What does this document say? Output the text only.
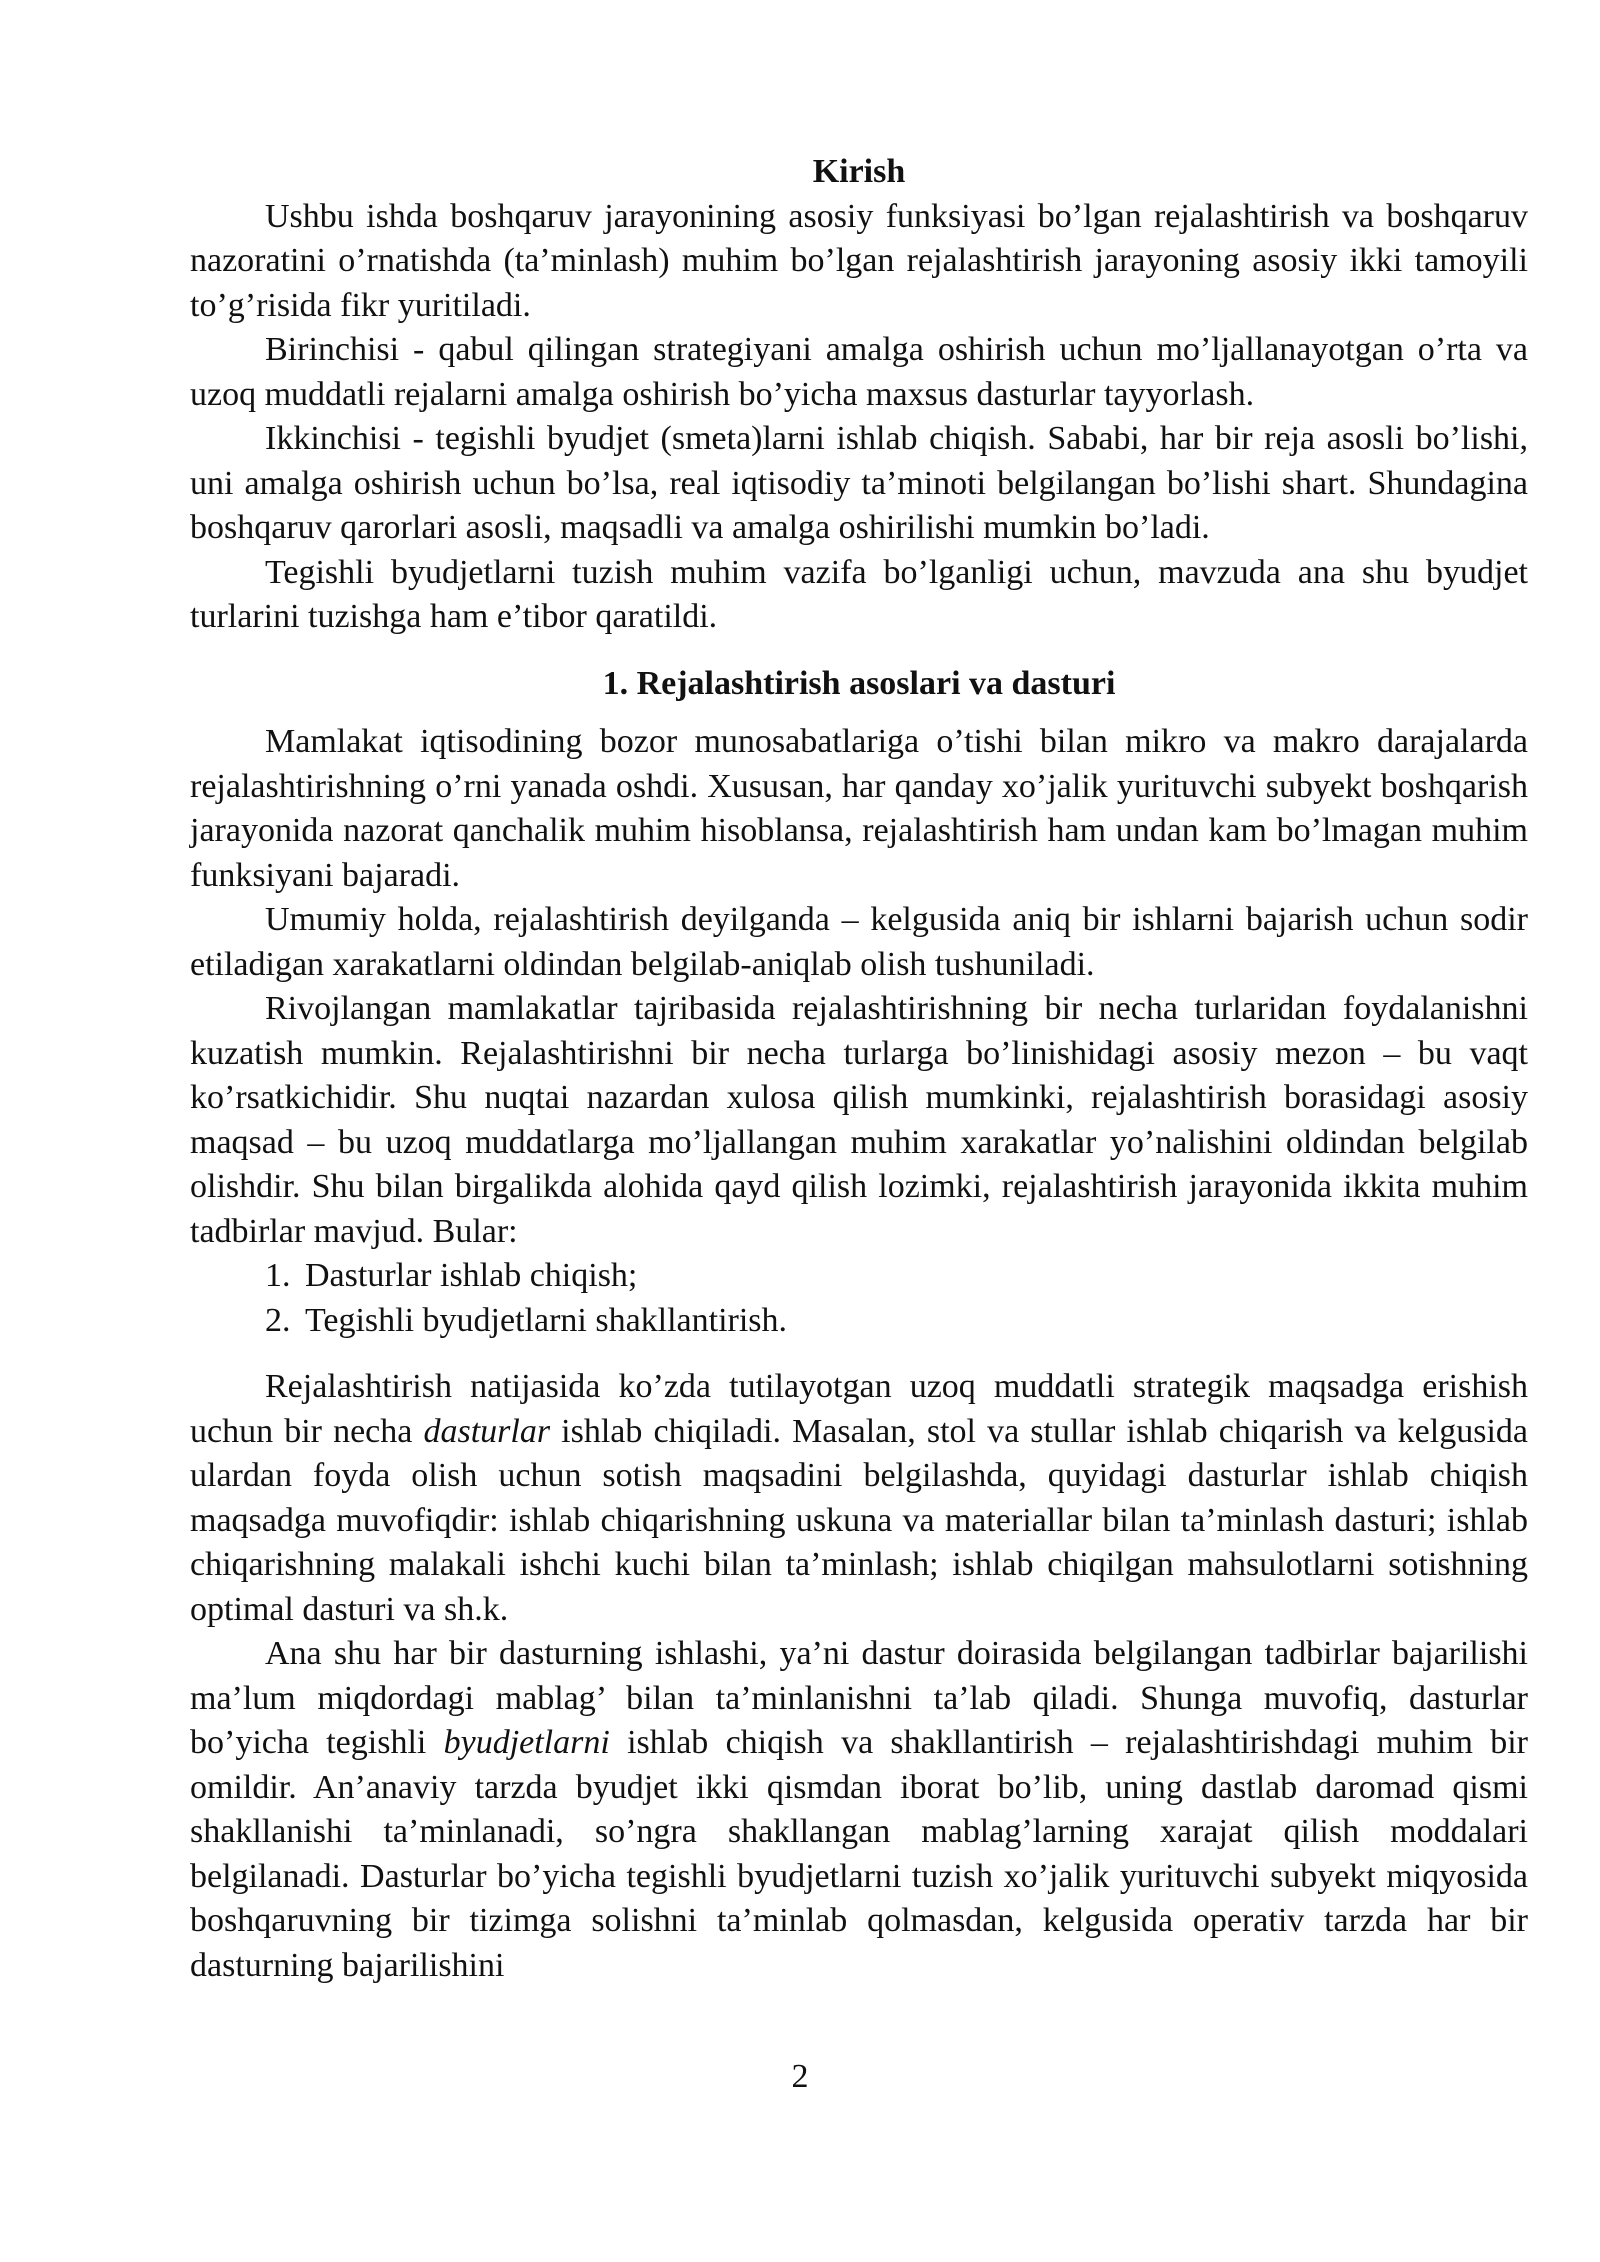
Kirish

Ushbu ishda boshqaruv jarayonining asosiy funksiyasi bo’lgan rejalashtirish va boshqaruv nazoratini o’rnatishda (ta’minlash) muhim bo’lgan rejalashtirish jarayoning asosiy ikki tamoyili to’g’risida fikr yuritiladi.

Birinchisi - qabul qilingan strategiyani amalga oshirish uchun mo’ljallanayotgan o’rta va uzoq muddatli rejalarni amalga oshirish bo’yicha maxsus dasturlar tayyorlash.

Ikkinchisi - tegishli byudjet (smeta)larni ishlab chiqish. Sababi, har bir reja asosli bo’lishi, uni amalga oshirish uchun bo’lsa, real iqtisodiy ta’minoti belgilangan bo’lishi shart. Shundagina boshqaruv qarorlari asosli, maqsadli va amalga oshirilishi mumkin bo’ladi.

Tegishli byudjetlarni tuzish muhim vazifa bo’lganligi uchun, mavzuda ana shu byudjet turlarini tuzishga ham e’tibor qaratildi.

1. Rejalashtirish asoslari va dasturi

Mamlakat iqtisodining bozor munosabatlariga o’tishi bilan mikro va makro darajalarda rejalashtirishning o’rni yanada oshdi. Xususan, har qanday xo’jalik yurituvchi subyekt boshqarish jarayonida nazorat qanchalik muhim hisoblansa, rejalashtirish ham undan kam bo’lmagan muhim funksiyani bajaradi.

Umumiy holda, rejalashtirish deyilganda – kelgusida aniq bir ishlarni bajarish uchun sodir etiladigan xarakatlarni oldindan belgilab-aniqlab olish tushuniladi.

Rivojlangan mamlakatlar tajribasida rejalashtirishning bir necha turlaridan foydalanishni kuzatish mumkin. Rejalashtirishni bir necha turlarga bo’linishidagi asosiy mezon – bu vaqt ko’rsatkichidir. Shu nuqtai nazardan xulosa qilish mumkinki, rejalashtirish borasidagi asosiy maqsad – bu uzoq muddatlarga mo’ljallangan muhim xarakatlar yo’nalishini oldindan belgilab olishdir. Shu bilan birgalikda alohida qayd qilish lozimki, rejalashtirish jarayonida ikkita muhim tadbirlar mavjud. Bular:

1. Dasturlar ishlab chiqish;
2. Tegishli byudjetlarni shakllantirish.

Rejalashtirish natijasida ko’zda tutilayotgan uzoq muddatli strategik maqsadga erishish uchun bir necha dasturlar ishlab chiqiladi. Masalan, stol va stullar ishlab chiqarish va kelgusida ulardan foyda olish uchun sotish maqsadini belgilashda, quyidagi dasturlar ishlab chiqish maqsadga muvofiqdir: ishlab chiqarishning uskuna va materiallar bilan ta’minlash dasturi; ishlab chiqarishning malakali ishchi kuchi bilan ta’minlash; ishlab chiqilgan mahsulotlarni sotishning optimal dasturi va sh.k.

Ana shu har bir dasturning ishlashi, ya’ni dastur doirasida belgilangan tadbirlar bajarilishi ma’lum miqdordagi mablag’ bilan ta’minlanishni ta’lab qiladi. Shunga muvofiq, dasturlar bo’yicha tegishli byudjetlarni ishlab chiqish va shakllantirish – rejalashtirishdagi muhim bir omildir. An’anaviy tarzda byudjet ikki qismdan iborat bo’lib, uning dastlab daromad qismi shakllanishi ta’minlanadi, so’ngra shakllangan mablag’larning xarajat qilish moddalari belgilanadi. Dasturlar bo’yicha tegishli byudjetlarni tuzish xo’jalik yurituvchi subyekt miqyosida boshqaruvning bir tizimga solishni ta’minlab qolmasdan, kelgusida operativ tarzda har bir dasturning bajarilishini

2
